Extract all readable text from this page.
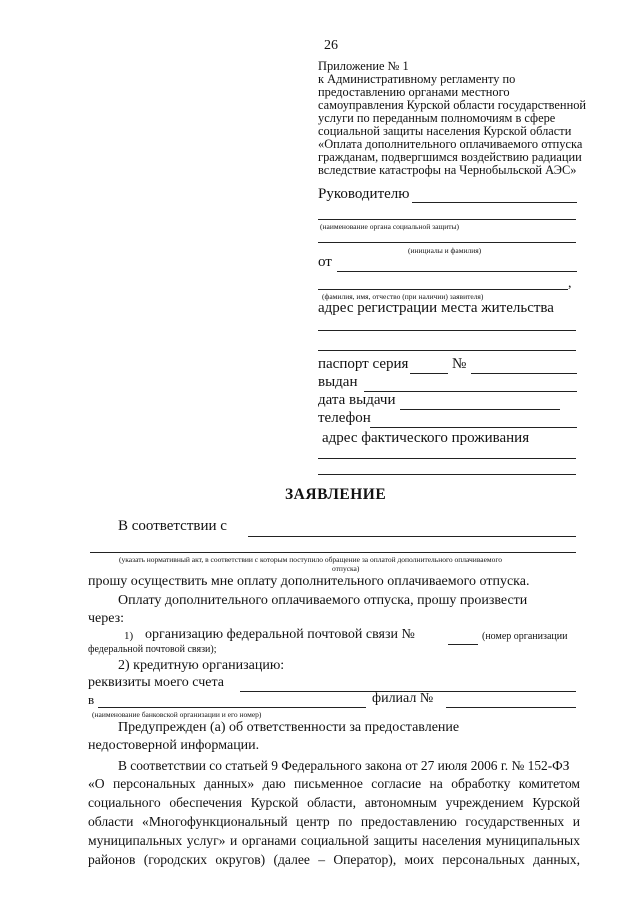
26
Приложение № 1
к Административному регламенту по
предоставлению органами местного
самоуправления Курской области государственной
услуги по переданным полномочиям в сфере
социальной защиты населения Курской области
«Оплата дополнительного оплачиваемого отпуска
гражданам, подвергшимся воздействию радиации
вследствие катастрофы на Чернобыльской АЭС»
Руководителю
(наименование органа социальной защиты)
(инициалы и фамилия)
от
,
(фамилия, имя, отчество (при наличии) заявителя)
адрес регистрации места жительства
паспорт серия	№
выдан
дата выдачи
телефон
адрес фактического проживания
ЗАЯВЛЕНИЕ
В соответствии с
(указать нормативный акт, в соответствии с которым поступило обращение за оплатой дополнительного оплачиваемого
отпуска)
прошу осуществить мне оплату дополнительного оплачиваемого отпуска.
Оплату дополнительного оплачиваемого отпуска, прошу произвести
через:
1) организацию федеральной почтовой связи №	(номер организации
федеральной почтовой связи);
2) кредитную организацию:
реквизиты моего счета
в	филиал №
(наименование банковской организации и его номер)
Предупрежден (а) об ответственности за предоставление
недостоверной информации.
В соответствии со статьей 9 Федерального закона от 27 июля 2006 г. № 152-ФЗ
«О персональных данных» даю письменное согласие на обработку комитетом
социального обеспечения Курской области, автономным учреждением Курской
области «Многофункциональный центр по предоставлению государственных и
муниципальных услуг» и органами социальной защиты населения муниципальных
районов (городских округов) (далее – Оператор), моих персональных данных,
